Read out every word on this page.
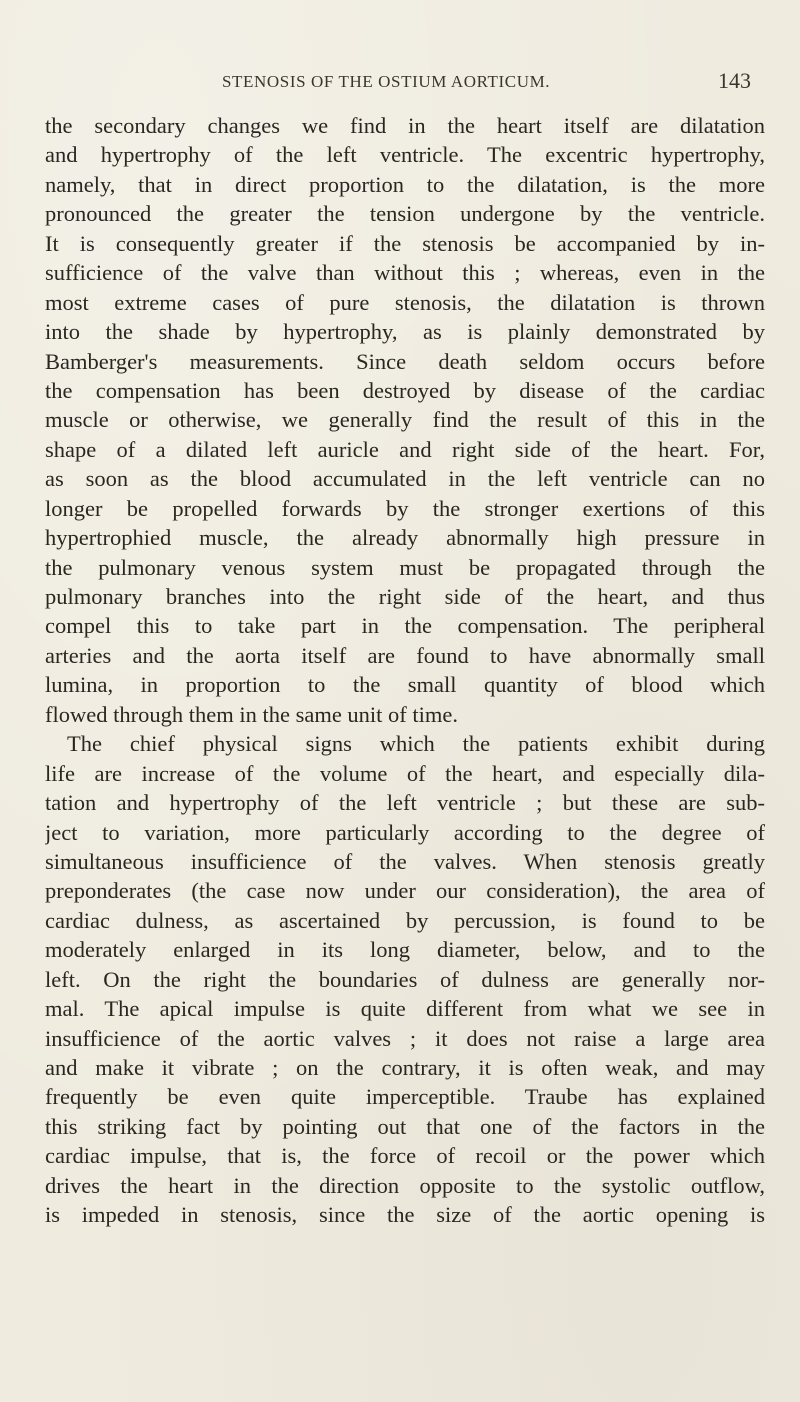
STENOSIS OF THE OSTIUM AORTICUM.	143
the secondary changes we find in the heart itself are dilatation
and hypertrophy of the left ventricle. The excentric hypertrophy,
namely, that in direct proportion to the dilatation, is the more
pronounced the greater the tension undergone by the ventricle.
It is consequently greater if the stenosis be accompanied by in-
sufficience of the valve than without this ; whereas, even in the
most extreme cases of pure stenosis, the dilatation is thrown
into the shade by hypertrophy, as is plainly demonstrated by
Bamberger's measurements. Since death seldom occurs before
the compensation has been destroyed by disease of the cardiac
muscle or otherwise, we generally find the result of this in the
shape of a dilated left auricle and right side of the heart. For,
as soon as the blood accumulated in the left ventricle can no
longer be propelled forwards by the stronger exertions of this
hypertrophied muscle, the already abnormally high pressure in
the pulmonary venous system must be propagated through the
pulmonary branches into the right side of the heart, and thus
compel this to take part in the compensation. The peripheral
arteries and the aorta itself are found to have abnormally small
lumina, in proportion to the small quantity of blood which
flowed through them in the same unit of time.
The chief physical signs which the patients exhibit during
life are increase of the volume of the heart, and especially dila-
tation and hypertrophy of the left ventricle ; but these are sub-
ject to variation, more particularly according to the degree of
simultaneous insufficience of the valves. When stenosis greatly
preponderates (the case now under our consideration), the area of
cardiac dulness, as ascertained by percussion, is found to be
moderately enlarged in its long diameter, below, and to the
left. On the right the boundaries of dulness are generally nor-
mal. The apical impulse is quite different from what we see in
insufficience of the aortic valves ; it does not raise a large area
and make it vibrate ; on the contrary, it is often weak, and may
frequently be even quite imperceptible. Traube has explained
this striking fact by pointing out that one of the factors in the
cardiac impulse, that is, the force of recoil or the power which
drives the heart in the direction opposite to the systolic outflow,
is impeded in stenosis, since the size of the aortic opening is
